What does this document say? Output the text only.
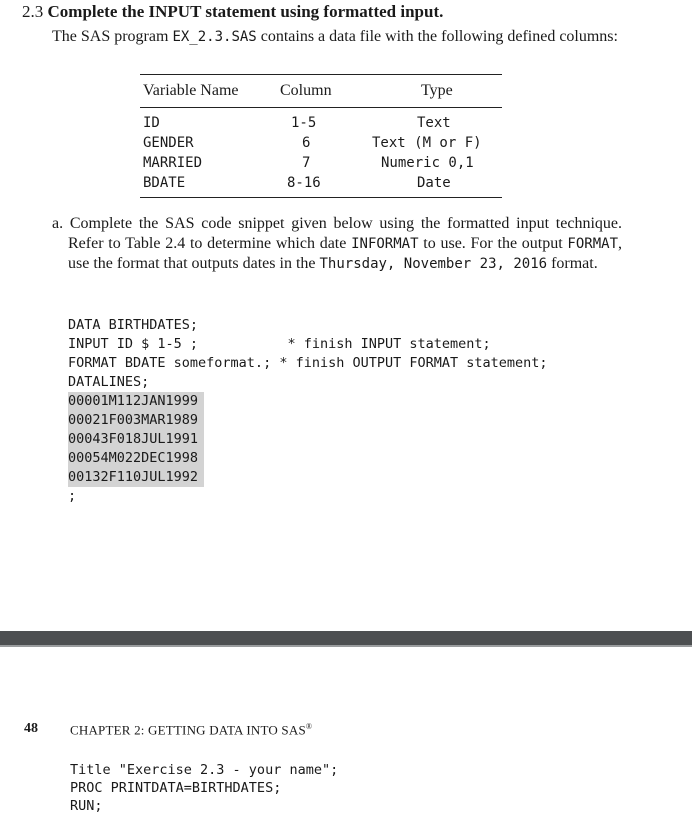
2.3 Complete the INPUT statement using formatted input.
The SAS program EX_2.3.SAS contains a data file with the following defined columns:
Variable Name	Column	Type
ID	1-5	Text
GENDER	6	Text (M or F)
MARRIED	7	Numeric 0,1
BDATE	8-16	Date
a. Complete the SAS code snippet given below using the formatted input technique. Refer to Table 2.4 to determine which date INFORMAT to use. For the output FORMAT, use the format that outputs dates in the Thursday, November 23, 2016 format.
DATA BIRTHDATES;
INPUT ID $ 1-5 ;           * finish INPUT statement;
FORMAT BDATE someformat.; * finish OUTPUT FORMAT statement;
DATALINES;
00001M112JAN1999
00021F003MAR1989
00043F018JUL1991
00054M022DEC1998
00132F110JUL1992
;
48 CHAPTER 2: GETTING DATA INTO SAS®
Title "Exercise 2.3 - your name";
PROC PRINTDATA=BIRTHDATES;
RUN;
